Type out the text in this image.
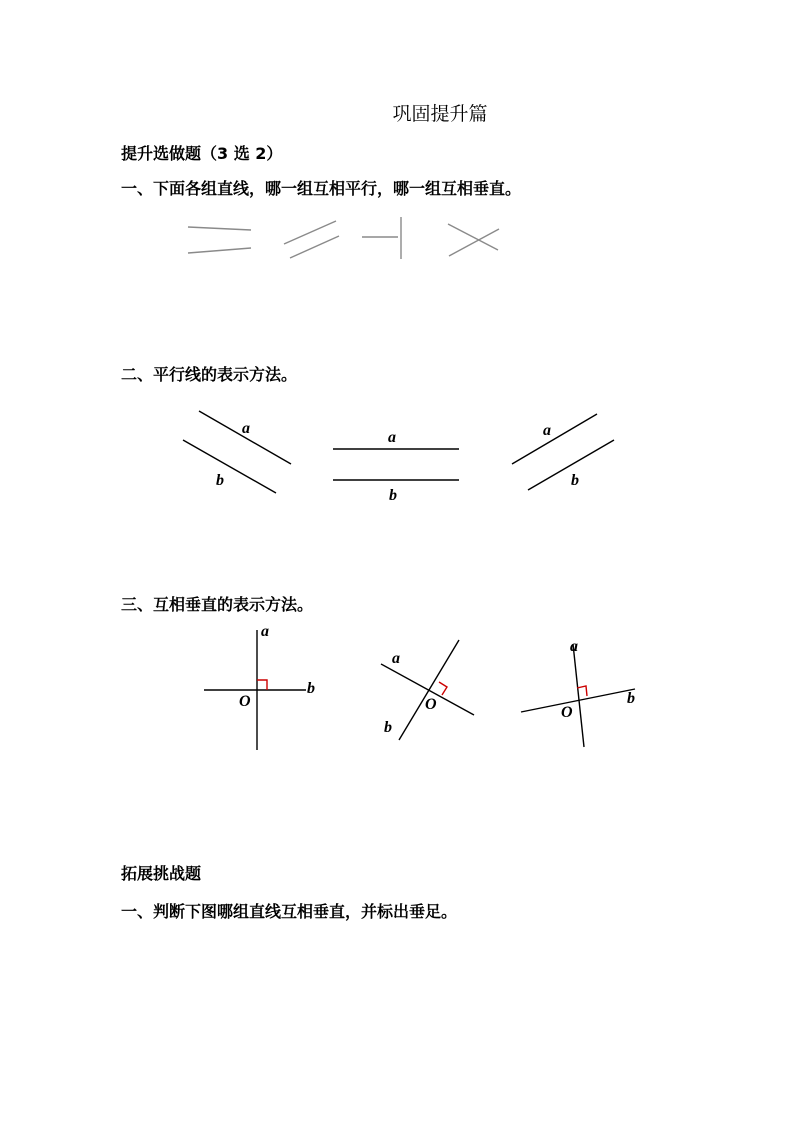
巩固提升篇
提升选做题（3 选 2）
一、下面各组直线，哪一组互相平行，哪一组互相垂直。
二、平行线的表示方法。
a
b
a
b
a
b
三、互相垂直的表示方法。
a
b
O
a
b
O
a
b
O
拓展挑战题
一、判断下图哪组直线互相垂直，并标出垂足。
